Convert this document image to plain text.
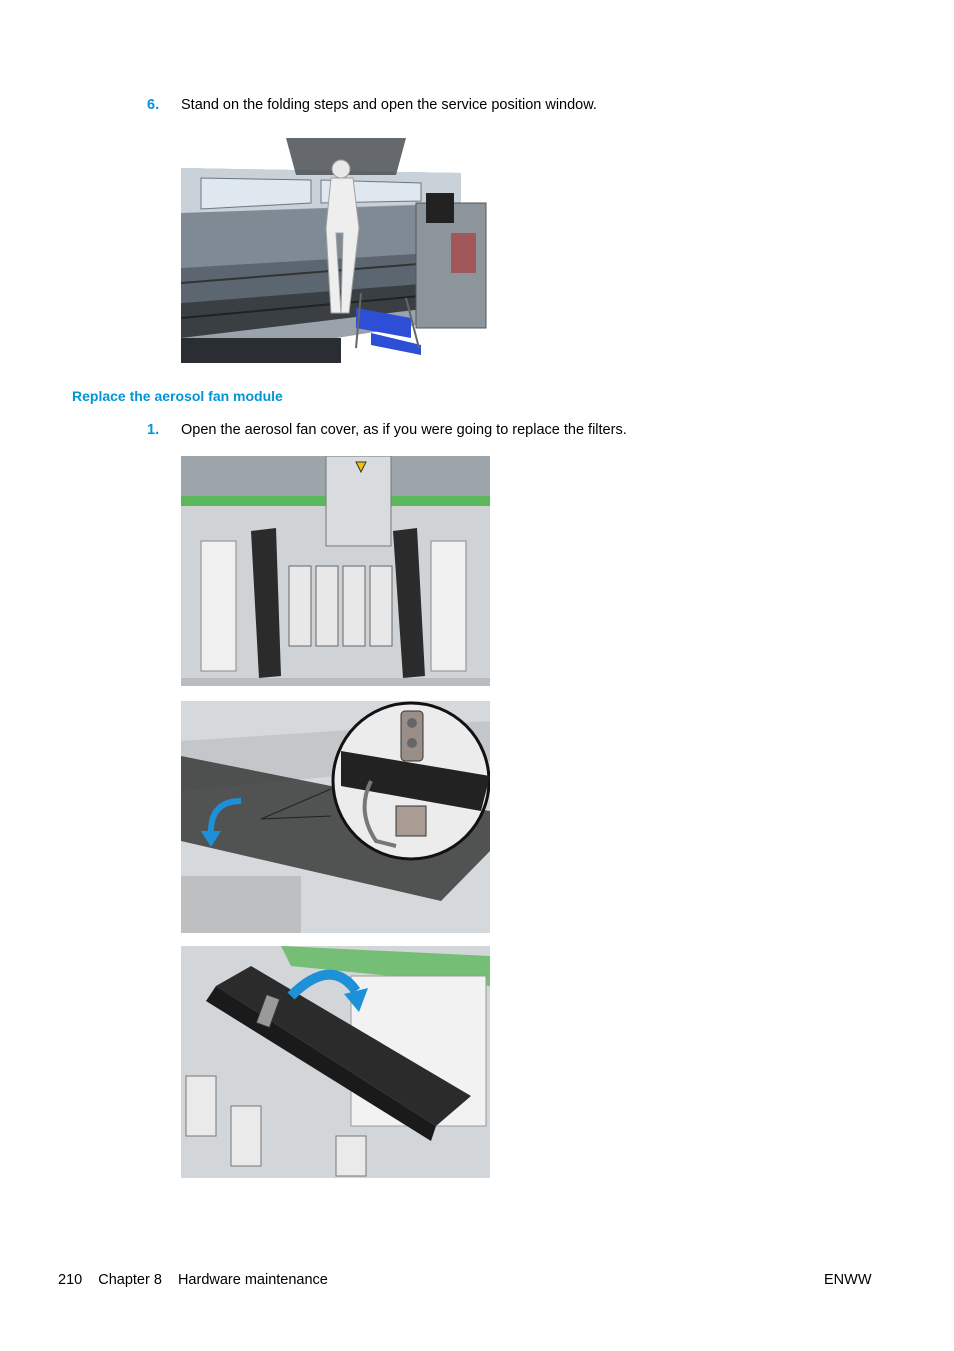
6. Stand on the folding steps and open the service position window.
Replace the aerosol fan module
1. Open the aerosol fan cover, as if you were going to replace the filters.
210 Chapter 8 Hardware maintenance	ENWW
